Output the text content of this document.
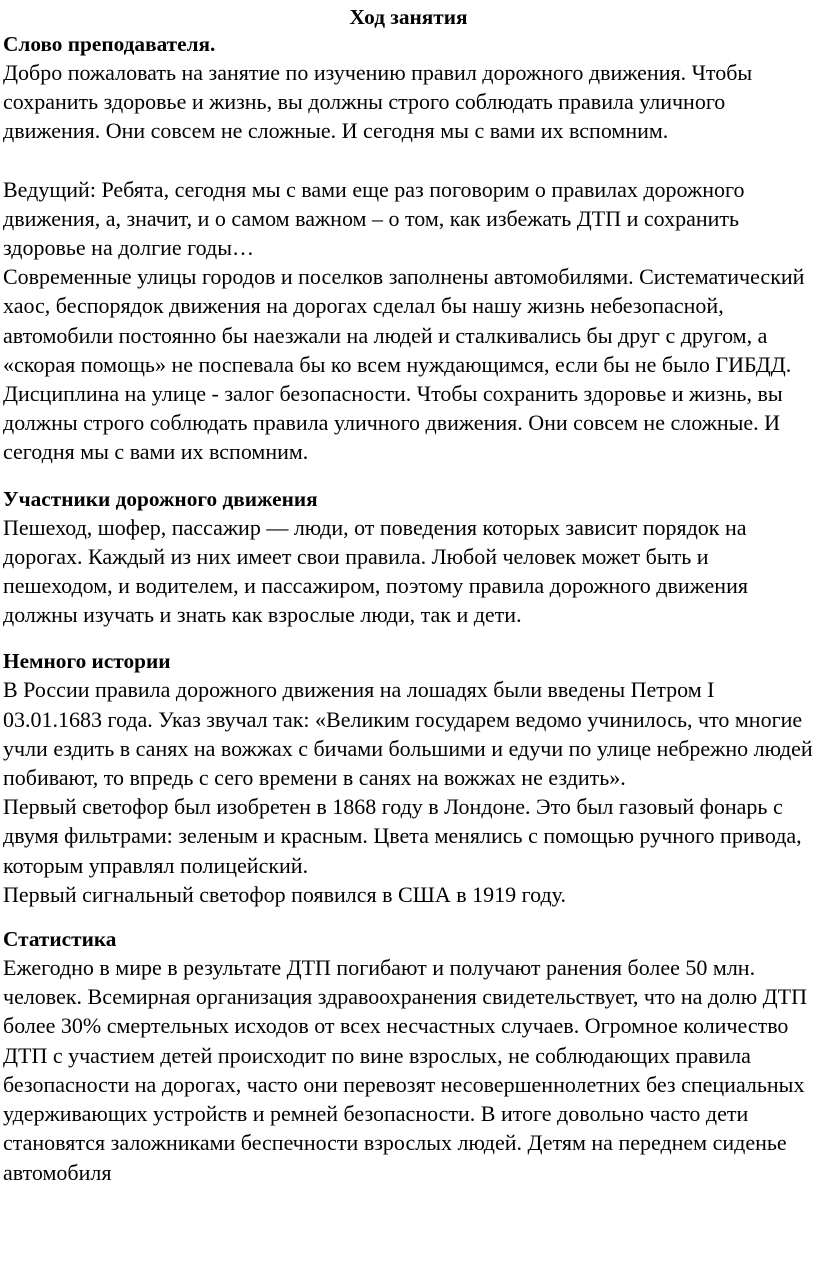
Ход занятия

Слово преподавателя.

Добро пожаловать на занятие по изучению правил дорожного движения. Чтобы сохранить здоровье и жизнь, вы должны строго соблюдать правила уличного движения. Они совсем не сложные. И сегодня мы с вами их вспомним.

Ведущий: Ребята, сегодня мы с вами еще раз поговорим о правилах дорожного движения, а, значит, и о самом важном – о том, как избежать ДТП и сохранить здоровье на долгие годы…

Современные улицы городов и поселков заполнены автомобилями. Систематический хаос, беспорядок движения на дорогах сделал бы нашу жизнь небезопасной, автомобили постоянно бы наезжали на людей и сталкивались бы друг с другом, а «скорая помощь» не поспевала бы ко всем нуждающимся, если бы не было ГИБДД.

Дисциплина на улице - залог безопасности. Чтобы сохранить здоровье и жизнь, вы должны строго соблюдать правила уличного движения. Они совсем не сложные. И сегодня мы с вами их вспомним.

Участники дорожного движения

Пешеход, шофер, пассажир — люди, от поведения которых зависит порядок на дорогах. Каждый из них имеет свои правила. Любой человек может быть и пешеходом, и водителем, и пассажиром, поэтому правила дорожного движения должны изучать и знать как взрослые люди, так и дети.

Немного истории

В России правила дорожного движения на лошадях были введены Петром I 03.01.1683 года. Указ звучал так: «Великим государем ведомо учинилось, что многие учли ездить в санях на вожжах с бичами большими и едучи по улице небрежно людей побивают, то впредь с сего времени в санях на вожжах не ездить».

Первый светофор был изобретен в 1868 году в Лондоне. Это был газовый фонарь с двумя фильтрами: зеленым и красным. Цвета менялись с помощью ручного привода, которым управлял полицейский.

Первый сигнальный светофор появился в США в 1919 году.

Статистика

Ежегодно в мире в результате ДТП погибают и получают ранения более 50 млн. человек. Всемирная организация здравоохранения свидетельствует, что на долю ДТП более 30% смертельных исходов от всех несчастных случаев. Огромное количество ДТП с участием детей происходит по вине взрослых, не соблюдающих правила безопасности на дорогах, часто они перевозят несовершеннолетних без специальных удерживающих устройств и ремней безопасности. В итоге довольно часто дети становятся заложниками беспечности взрослых людей. Детям на переднем сиденье автомобиля
